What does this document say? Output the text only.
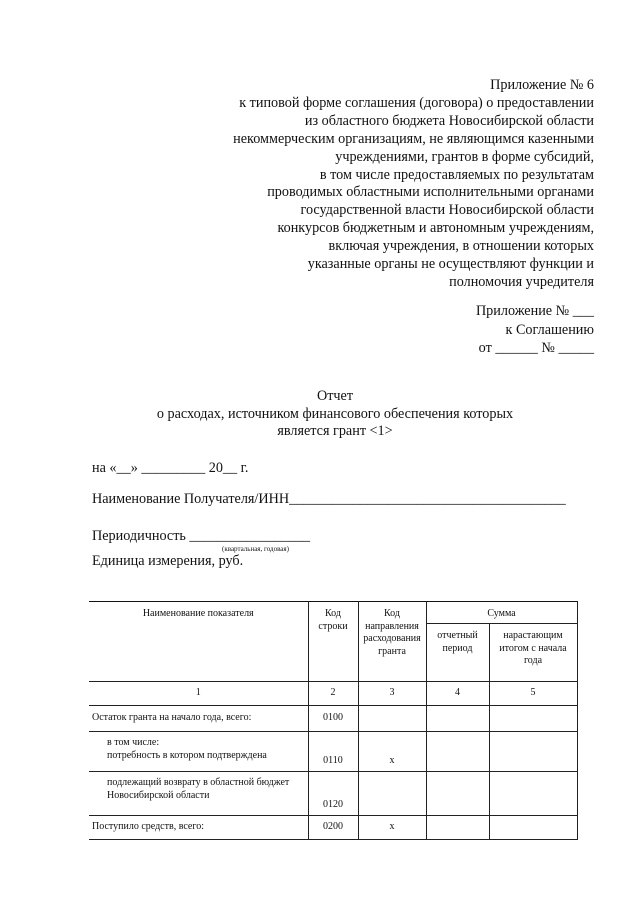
Приложение № 6
к типовой форме соглашения (договора) о предоставлении
из областного бюджета Новосибирской области
некоммерческим организациям, не являющимся казенными
учреждениями, грантов в форме субсидий,
в том числе предоставляемых по результатам
проводимых областными исполнительными органами
государственной власти Новосибирской области
конкурсов бюджетным и автономным учреждениям,
включая учреждения, в отношении которых
указанные органы не осуществляют функции и
полномочия учредителя
Приложение № ___
к Соглашению
от ______ № _____
Отчет
о расходах, источником финансового обеспечения которых
является грант <1>
на «__» _________ 20__ г.
Наименование Получателя/ИНН_______________________________________
Периодичность _________________
(квартальная, годовая)
Единица измерения, руб.
Наименование показателя	Код строки	Код направления расходования гранта	Сумма	
			отчетный период	нарастающим итогом с начала года
1	2	3	4	5
Остаток гранта на начало года, всего:	0100			

в том числе:
потребность в котором подтверждена	0110	x		
подлежащий возврату в областной бюджет Новосибирской области	0120			
Поступило средств, всего:	0200	x		
